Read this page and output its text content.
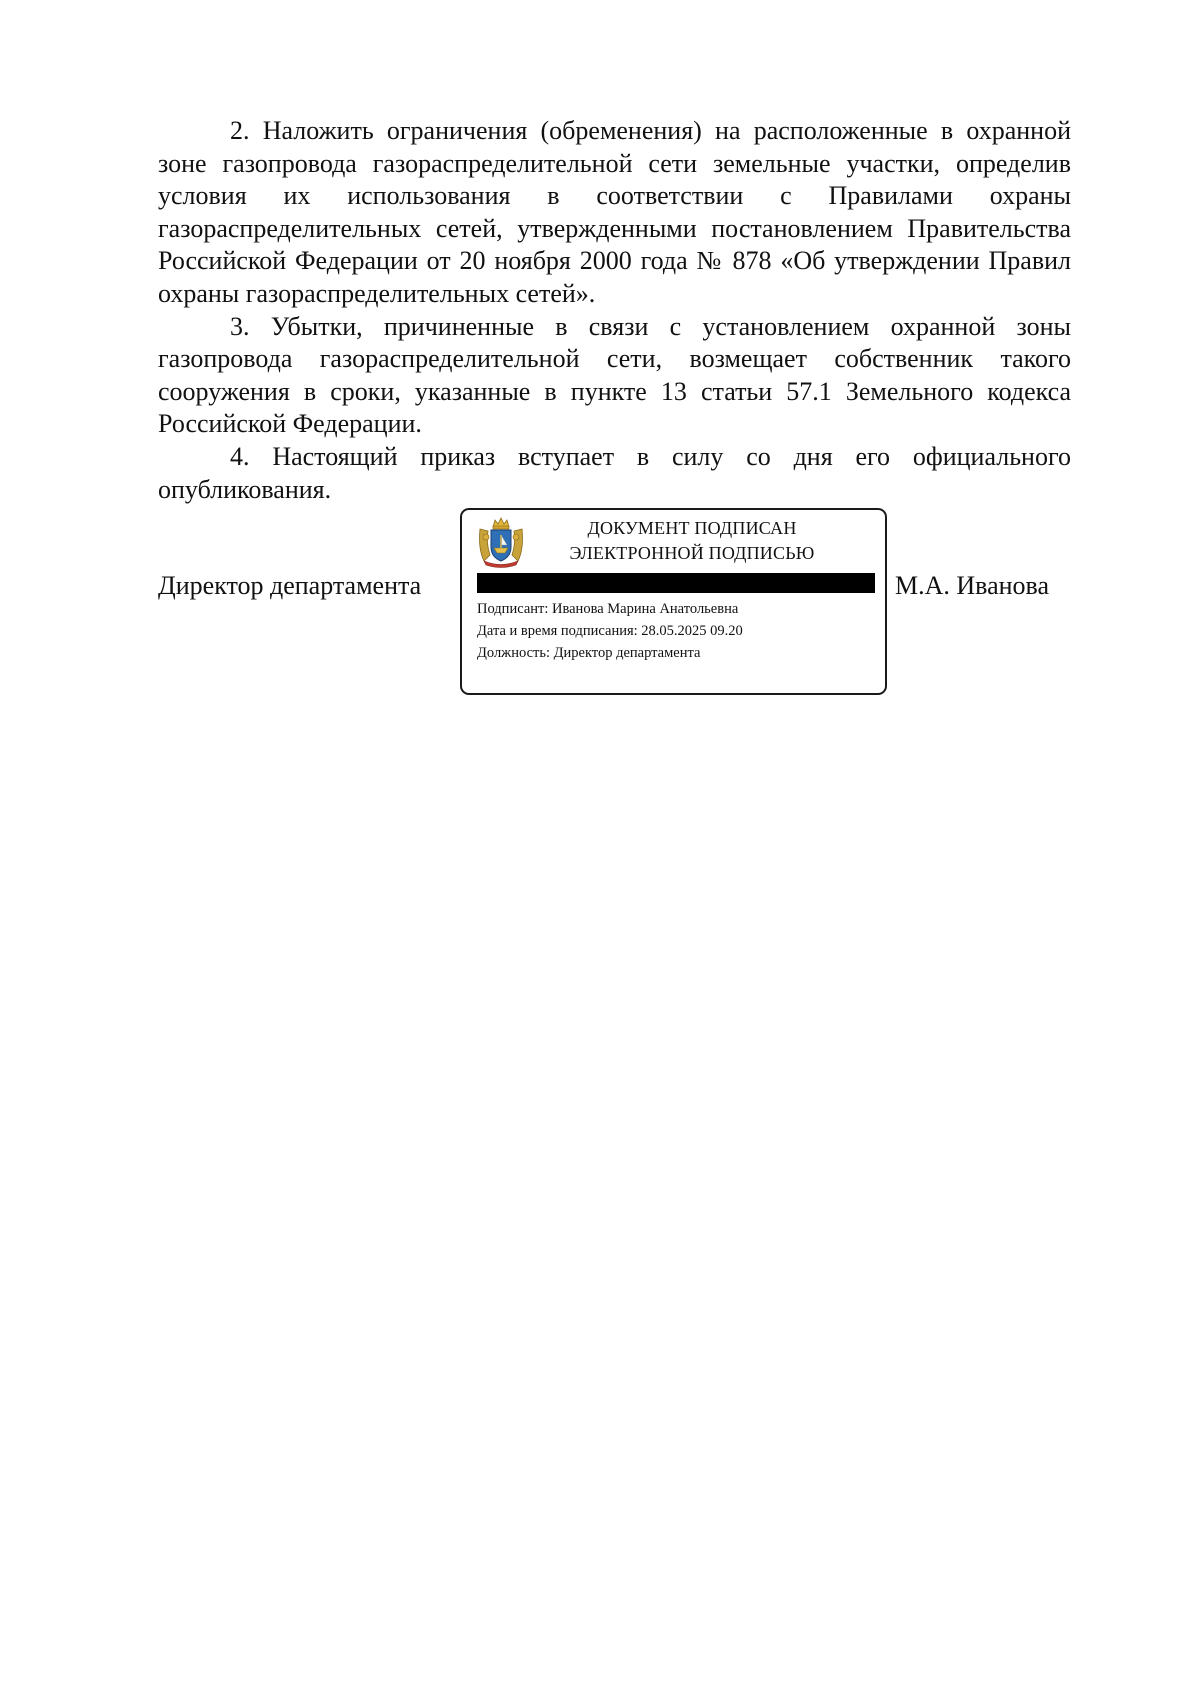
2. Наложить ограничения (обременения) на расположенные в охранной зоне газопровода газораспределительной сети земельные участки, определив условия их использования в соответствии с Правилами охраны газораспределительных сетей, утвержденными постановлением Правительства Российской Федерации от 20 ноября 2000 года № 878 «Об утверждении Правил охраны газораспределительных сетей».

3. Убытки, причиненные в связи с установлением охранной зоны газопровода газораспределительной сети, возмещает собственник такого сооружения в сроки, указанные в пункте 13 статьи 57.1 Земельного кодекса Российской Федерации.

4. Настоящий приказ вступает в силу со дня его официального опубликования.

Директор департамента
ДОКУМЕНТ ПОДПИСАН
ЭЛЕКТРОННОЙ ПОДПИСЬЮ
Подписант: Иванова Марина Анатольевна
Дата и время подписания: 28.05.2025 09.20
Должность: Директор департамента
М.А. Иванова
